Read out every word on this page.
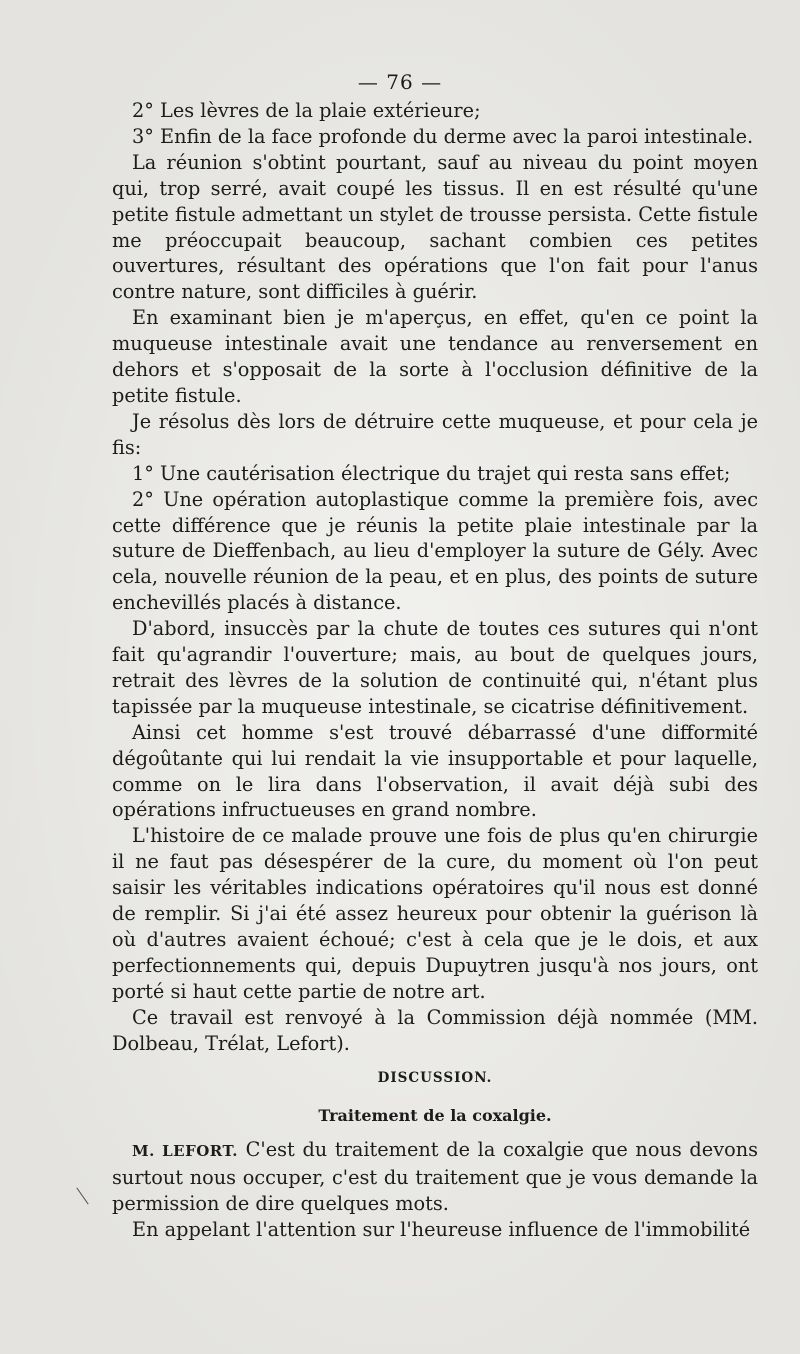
— 76 —

2° Les lèvres de la plaie extérieure;

3° Enfin de la face profonde du derme avec la paroi intestinale.

La réunion s'obtint pourtant, sauf au niveau du point moyen qui, trop serré, avait coupé les tissus. Il en est résulté qu'une petite fistule admettant un stylet de trousse persista. Cette fistule me préoccupait beaucoup, sachant combien ces petites ouvertures, résultant des opérations que l'on fait pour l'anus contre nature, sont difficiles à guérir.

En examinant bien je m'aperçus, en effet, qu'en ce point la muqueuse intestinale avait une tendance au renversement en dehors et s'opposait de la sorte à l'occlusion définitive de la petite fistule.

Je résolus dès lors de détruire cette muqueuse, et pour cela je fis:

1° Une cautérisation électrique du trajet qui resta sans effet;

2° Une opération autoplastique comme la première fois, avec cette différence que je réunis la petite plaie intestinale par la suture de Dieffenbach, au lieu d'employer la suture de Gély. Avec cela, nouvelle réunion de la peau, et en plus, des points de suture enchevillés placés à distance.

D'abord, insuccès par la chute de toutes ces sutures qui n'ont fait qu'agrandir l'ouverture; mais, au bout de quelques jours, retrait des lèvres de la solution de continuité qui, n'étant plus tapissée par la muqueuse intestinale, se cicatrise définitivement.

Ainsi cet homme s'est trouvé débarrassé d'une difformité dégoûtante qui lui rendait la vie insupportable et pour laquelle, comme on le lira dans l'observation, il avait déjà subi des opérations infructueuses en grand nombre.

L'histoire de ce malade prouve une fois de plus qu'en chirurgie il ne faut pas désespérer de la cure, du moment où l'on peut saisir les véritables indications opératoires qu'il nous est donné de remplir. Si j'ai été assez heureux pour obtenir la guérison là où d'autres avaient échoué; c'est à cela que je le dois, et aux perfectionnements qui, depuis Dupuytren jusqu'à nos jours, ont porté si haut cette partie de notre art.

Ce travail est renvoyé à la Commission déjà nommée (MM. Dolbeau, Trélat, Lefort).

DISCUSSION.

Traitement de la coxalgie.

M. LEFORT. C'est du traitement de la coxalgie que nous devons surtout nous occuper, c'est du traitement que je vous demande la permission de dire quelques mots.

En appelant l'attention sur l'heureuse influence de l'immobilité
